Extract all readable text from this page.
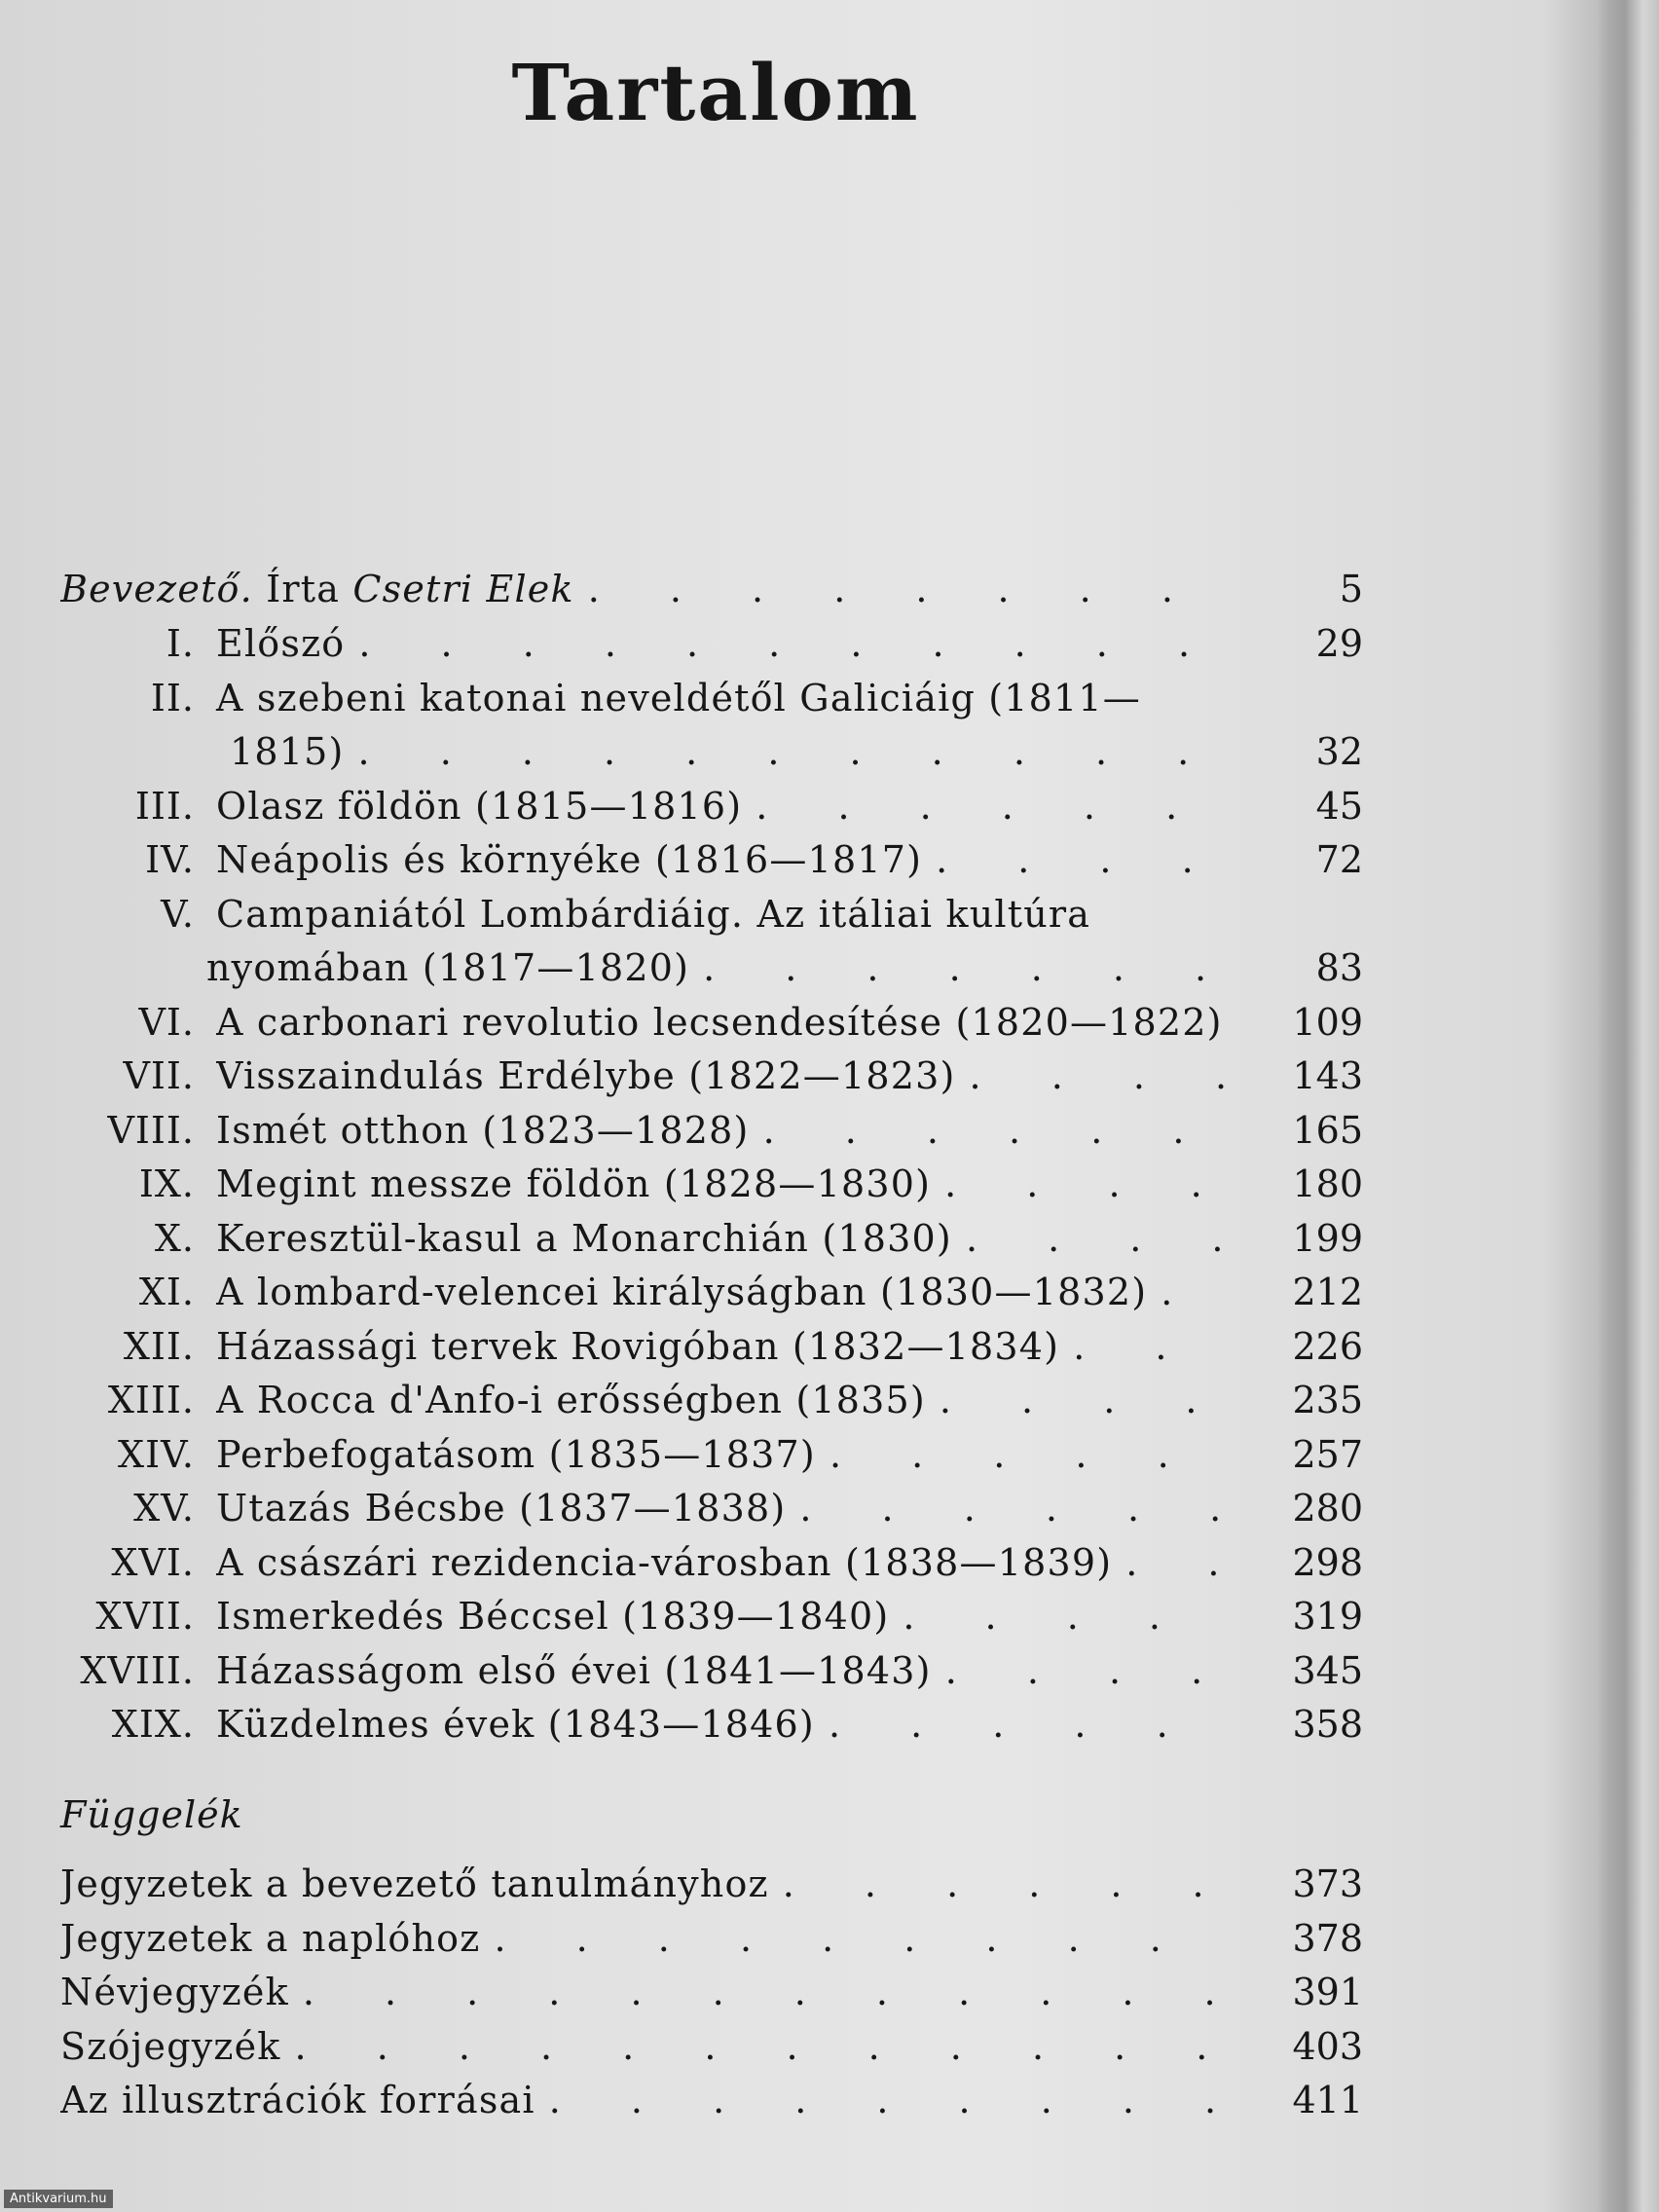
Tartalom
Bevezető. Írta Csetri Elek . . .	5
I. Előszó . . .	29
II. A szebeni katonai neveldétől Galiciáig (1811—
1815) . . .	32
III. Olasz földön (1815—1816) . . .	45
IV. Neápolis és környéke (1816—1817) . . .	72
V. Campaniától Lombárdiáig. Az itáliai kultúra
nyomában (1817—1820) . . .	83
VI. A carbonari revolutio lecsendesítése (1820—1822) . . . 109
VII. Visszaindulás Erdélybe (1822—1823) . . .	143
VIII. Ismét otthon (1823—1828) . . .	165
IX. Megint messze földön (1828—1830) . . .	180
X. Keresztül-kasul a Monarchián (1830) . . .	199
XI. A lombard-velencei királyságban (1830—1832) . . .	212
XII. Házassági tervek Rovigóban (1832—1834) . . .	226
XIII. A Rocca d'Anfo-i erősségben (1835) . . .	235
XIV. Perbefogatásom (1835—1837) . . .	257
XV. Utazás Bécsbe (1837—1838) . . .	280
XVI. A császári rezidencia-városban (1838—1839) . . .	298
XVII. Ismerkedés Béccsel (1839—1840) . . .	319
XVIII. Házasságom első évei (1841—1843) . . .	345
XIX. Küzdelmes évek (1843—1846) . . .	358
Jegyzetek a bevezető tanulmányhoz . . .	373
Jegyzetek a naplóhoz . . .	378
Névjegyzék . . .	391
Szójegyzék . . .	403
Az illusztrációk forrásai . . .	411
Függelék
Antikvarium.hu
